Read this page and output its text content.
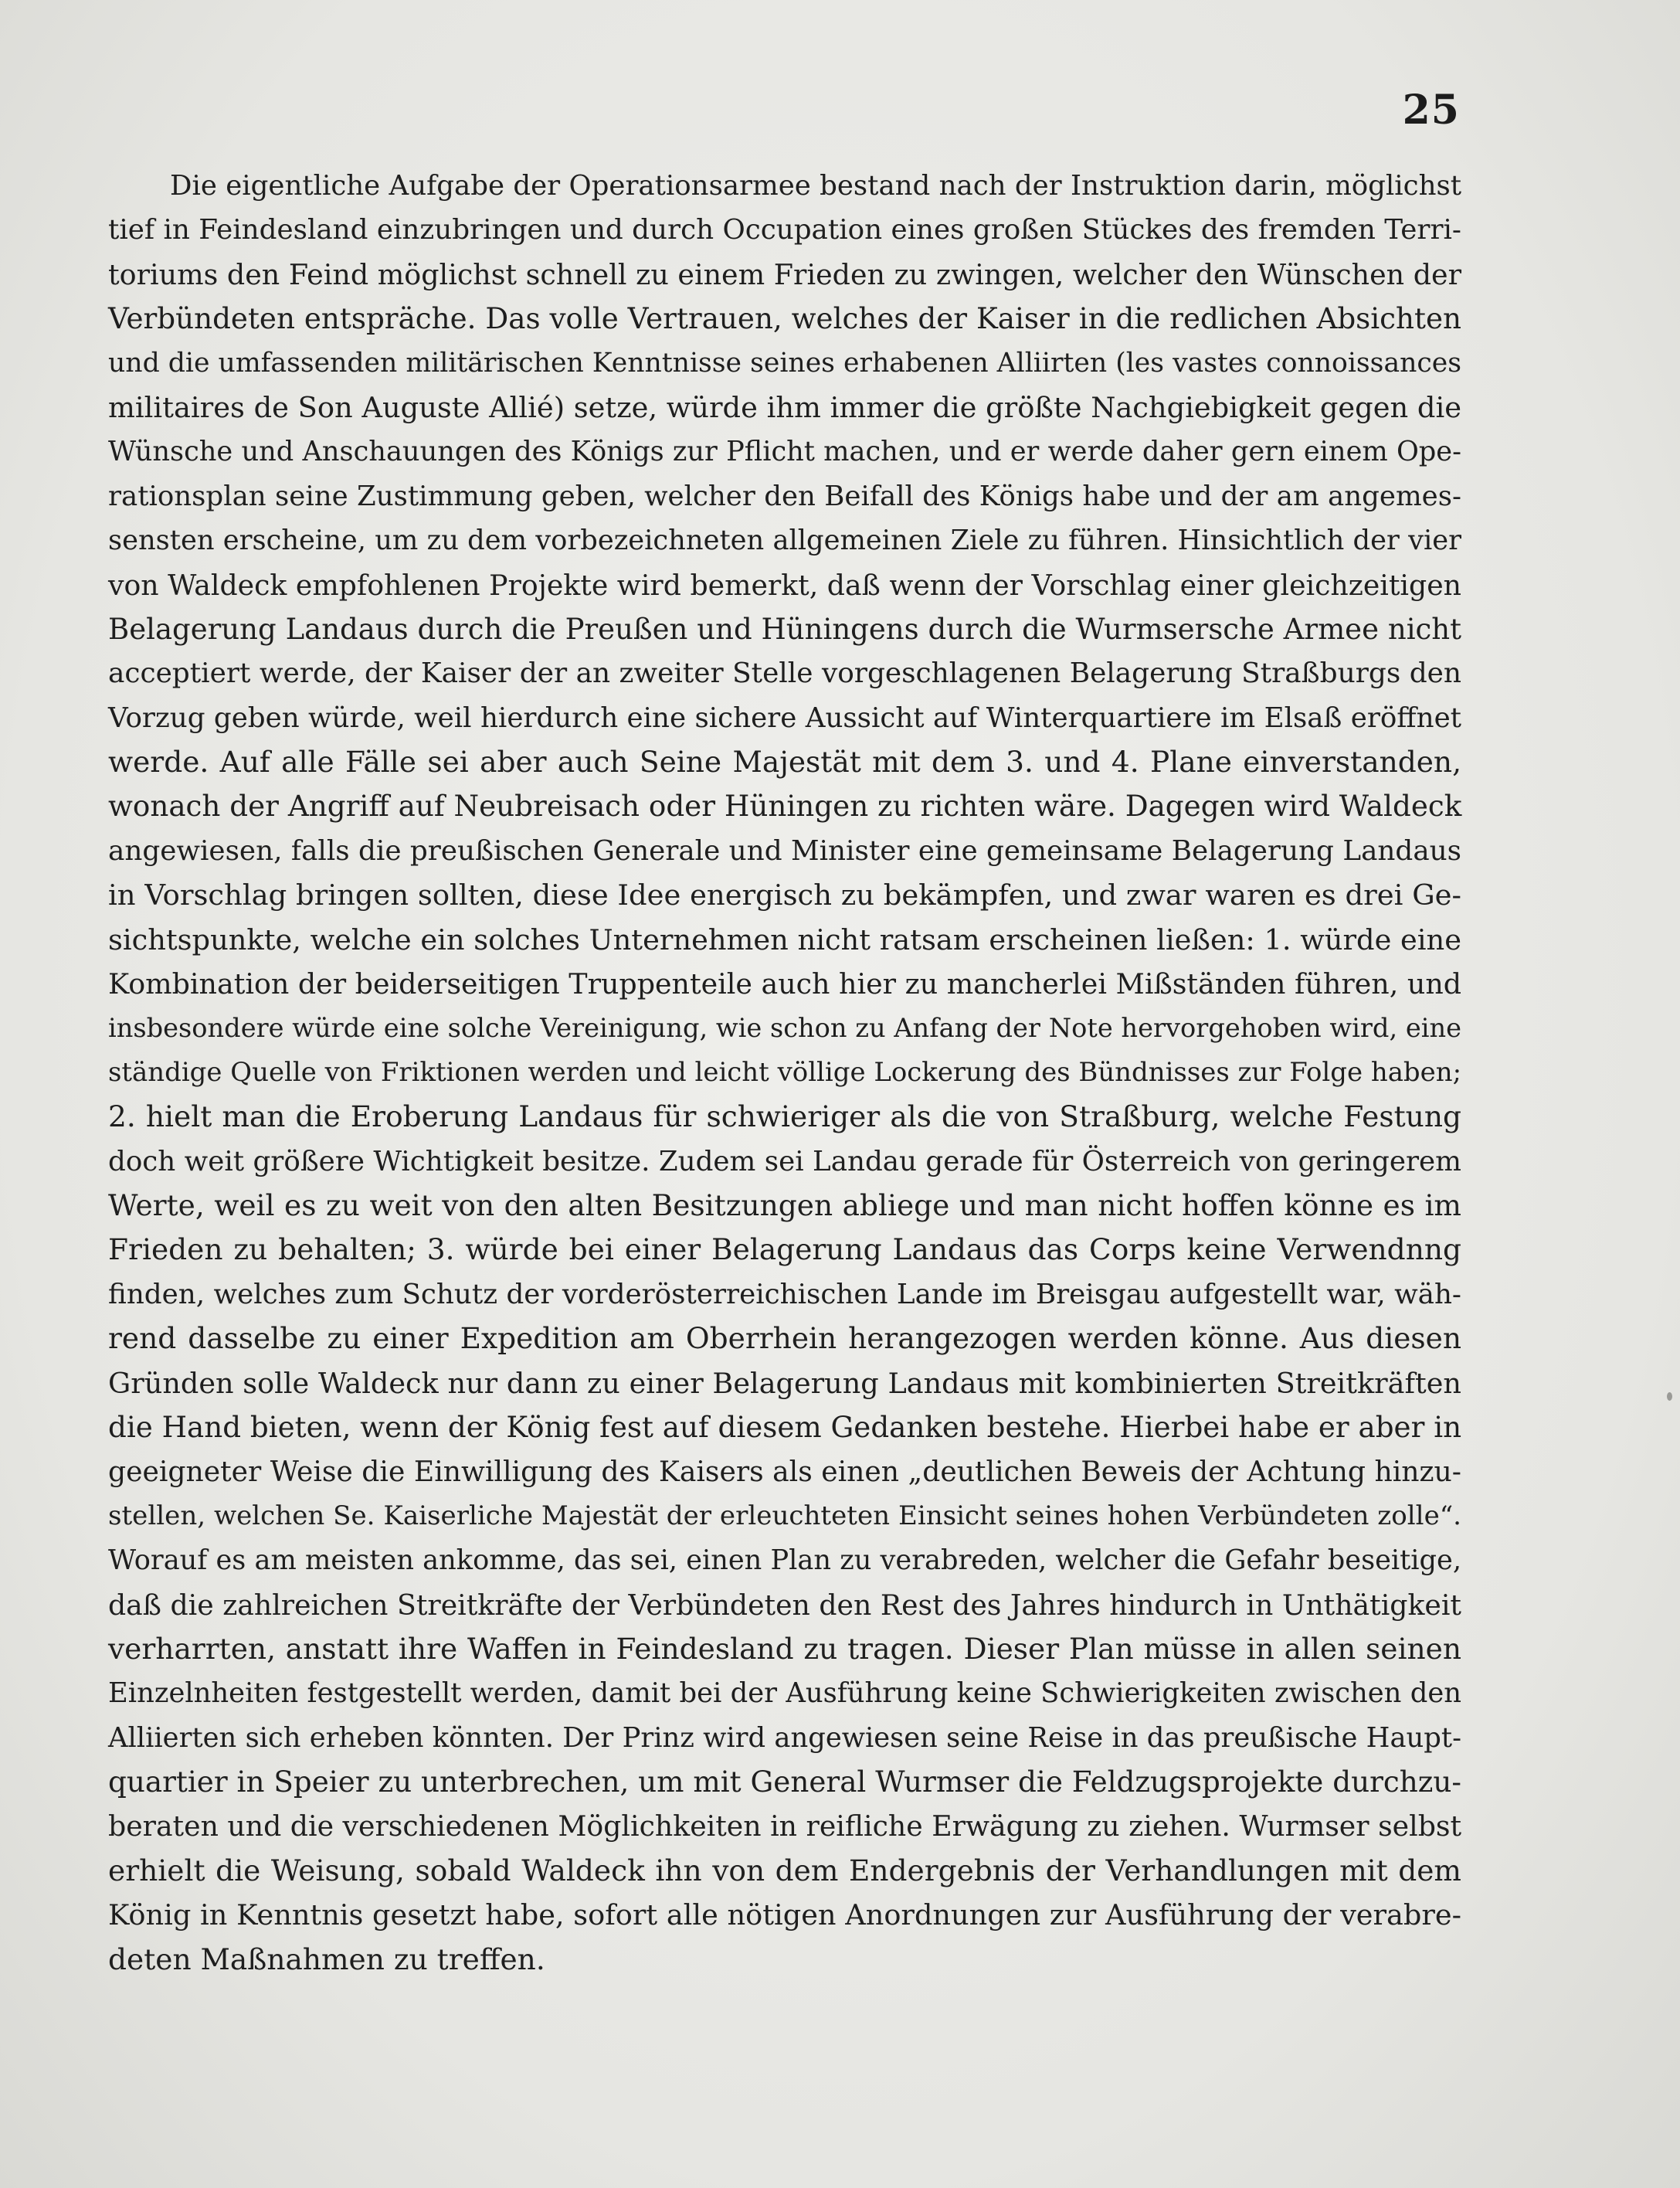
25
Die eigentliche Aufgabe der Operationsarmee bestand nach der Instruktion darin, möglichst
tief in Feindesland einzubringen und durch Occupation eines großen Stückes des fremden Terri-
toriums den Feind möglichst schnell zu einem Frieden zu zwingen, welcher den Wünschen der
Verbündeten entspräche. Das volle Vertrauen, welches der Kaiser in die redlichen Absichten
und die umfassenden militärischen Kenntnisse seines erhabenen Alliirten (les vastes connoissances
militaires de Son Auguste Allié) setze, würde ihm immer die größte Nachgiebigkeit gegen die
Wünsche und Anschauungen des Königs zur Pflicht machen, und er werde daher gern einem Ope-
rationsplan seine Zustimmung geben, welcher den Beifall des Königs habe und der am angemes-
sensten erscheine, um zu dem vorbezeichneten allgemeinen Ziele zu führen. Hinsichtlich der vier
von Waldeck empfohlenen Projekte wird bemerkt, daß wenn der Vorschlag einer gleichzeitigen
Belagerung Landaus durch die Preußen und Hüningens durch die Wurmsersche Armee nicht
acceptiert werde, der Kaiser der an zweiter Stelle vorgeschlagenen Belagerung Straßburgs den
Vorzug geben würde, weil hierdurch eine sichere Aussicht auf Winterquartiere im Elsaß eröffnet
werde. Auf alle Fälle sei aber auch Seine Majestät mit dem 3. und 4. Plane einverstanden,
wonach der Angriff auf Neubreisach oder Hüningen zu richten wäre. Dagegen wird Waldeck
angewiesen, falls die preußischen Generale und Minister eine gemeinsame Belagerung Landaus
in Vorschlag bringen sollten, diese Idee energisch zu bekämpfen, und zwar waren es drei Ge-
sichtspunkte, welche ein solches Unternehmen nicht ratsam erscheinen ließen: 1. würde eine
Kombination der beiderseitigen Truppenteile auch hier zu mancherlei Mißständen führen, und
insbesondere würde eine solche Vereinigung, wie schon zu Anfang der Note hervorgehoben wird, eine
ständige Quelle von Friktionen werden und leicht völlige Lockerung des Bündnisses zur Folge haben;
2. hielt man die Eroberung Landaus für schwieriger als die von Straßburg, welche Festung
doch weit größere Wichtigkeit besitze. Zudem sei Landau gerade für Österreich von geringerem
Werte, weil es zu weit von den alten Besitzungen abliege und man nicht hoffen könne es im
Frieden zu behalten; 3. würde bei einer Belagerung Landaus das Corps keine Verwendnng
finden, welches zum Schutz der vorderösterreichischen Lande im Breisgau aufgestellt war, wäh-
rend dasselbe zu einer Expedition am Oberrhein herangezogen werden könne. Aus diesen
Gründen solle Waldeck nur dann zu einer Belagerung Landaus mit kombinierten Streitkräften
die Hand bieten, wenn der König fest auf diesem Gedanken bestehe. Hierbei habe er aber in
geeigneter Weise die Einwilligung des Kaisers als einen „deutlichen Beweis der Achtung hinzu-
stellen, welchen Se. Kaiserliche Majestät der erleuchteten Einsicht seines hohen Verbündeten zolle“.
Worauf es am meisten ankomme, das sei, einen Plan zu verabreden, welcher die Gefahr beseitige,
daß die zahlreichen Streitkräfte der Verbündeten den Rest des Jahres hindurch in Unthätigkeit
verharrten, anstatt ihre Waffen in Feindesland zu tragen. Dieser Plan müsse in allen seinen
Einzelnheiten festgestellt werden, damit bei der Ausführung keine Schwierigkeiten zwischen den
Alliierten sich erheben könnten. Der Prinz wird angewiesen seine Reise in das preußische Haupt-
quartier in Speier zu unterbrechen, um mit General Wurmser die Feldzugsprojekte durchzu-
beraten und die verschiedenen Möglichkeiten in reifliche Erwägung zu ziehen. Wurmser selbst
erhielt die Weisung, sobald Waldeck ihn von dem Endergebnis der Verhandlungen mit dem
König in Kenntnis gesetzt habe, sofort alle nötigen Anordnungen zur Ausführung der verabre-
deten Maßnahmen zu treffen.
